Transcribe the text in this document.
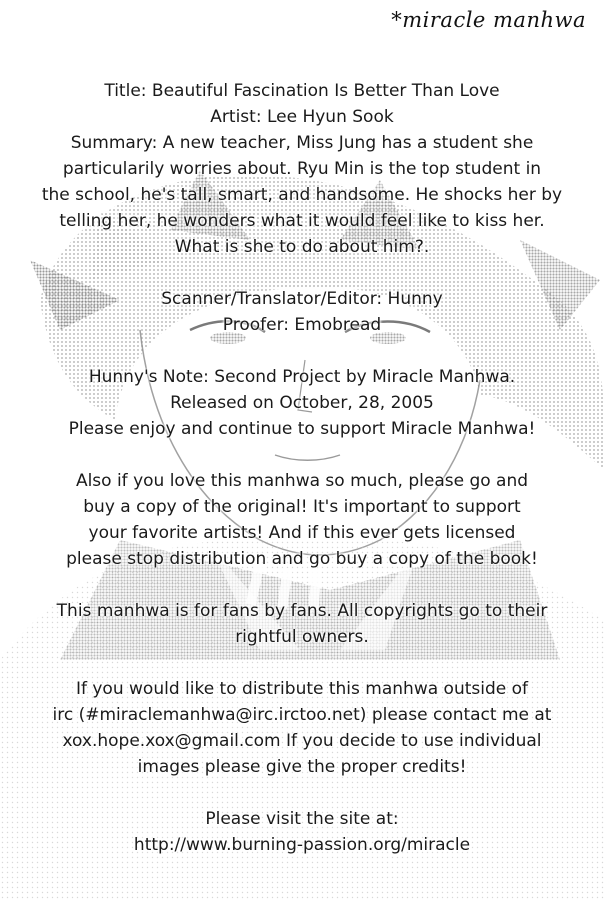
*miracle manhwa
Title: Beautiful Fascination Is Better Than Love
Artist: Lee Hyun Sook
Summary: A new teacher, Miss Jung has a student she
particularily worries about. Ryu Min is the top student in
the school, he's tall, smart, and handsome. He shocks her by
telling her, he wonders what it would feel like to kiss her.
What is she to do about him?.
Scanner/Translator/Editor: Hunny
Proofer: Emobread
Hunny's Note: Second Project by Miracle Manhwa.
Released on October, 28, 2005
Please enjoy and continue to support Miracle Manhwa!
Also if you love this manhwa so much, please go and
buy a copy of the original! It's important to support
your favorite artists! And if this ever gets licensed
please stop distribution and go buy a copy of the book!
This manhwa is for fans by fans. All copyrights go to their
rightful owners.
If you would like to distribute this manhwa outside of
irc (#miraclemanhwa@irc.irctoo.net) please contact me at
xox.hope.xox@gmail.com If you decide to use individual
images please give the proper credits!
Please visit the site at:
http://www.burning-passion.org/miracle
